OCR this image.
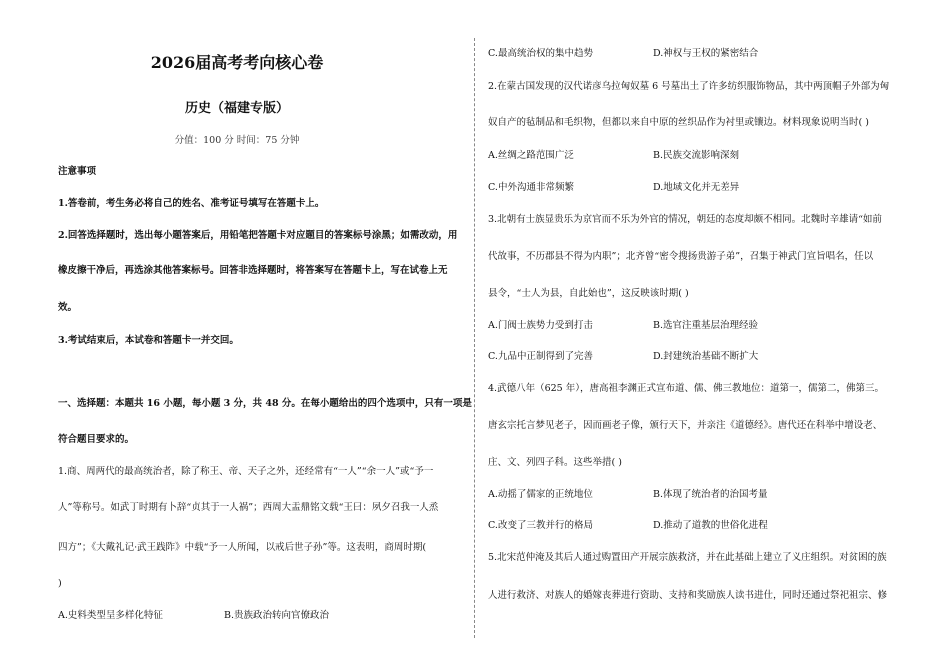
2026届高考考向核心卷
历史（福建专版）
分值：100 分 时间：75 分钟
注意事项
1.答卷前，考生务必将自己的姓名、准考证号填写在答题卡上。
2.回答选择题时，选出每小题答案后，用铅笔把答题卡对应题目的答案标号涂黑；如需改动，用
橡皮擦干净后，再选涂其他答案标号。回答非选择题时，将答案写在答题卡上，写在试卷上无
效。
3.考试结束后，本试卷和答题卡一并交回。
一、选择题：本题共 16 小题，每小题 3 分，共 48 分。在每小题给出的四个选项中，只有一项是
符合题目要求的。
1.商、周两代的最高统治者，除了称王、帝、天子之外，还经常有“一人”“余一人”或“予一
人”等称号。如武丁时期有卜辞“贞其于一人祸”；西周大盂鼎铭文载“王曰：夙夕召我一人烝
四方”；《大戴礼记·武王践阼》中载“予一人所闻，以戒后世子孙”等。这表明，商周时期(
)
A.史料类型呈多样化特征	B.贵族政治转向官僚政治
C.最高统治权的集中趋势	D.神权与王权的紧密结合
2.在蒙古国发现的汉代诺彦乌拉匈奴墓 6 号墓出土了许多纺织服饰物品，其中两顶帽子外部为匈
奴自产的毡制品和毛织物，但都以来自中原的丝织品作为衬里或镶边。材料现象说明当时( )
A.丝绸之路范围广泛	B.民族交流影响深刻
C.中外沟通非常频繁	D.地域文化并无差异
3.北朝有士族显贵乐为京官而不乐为外官的情况，朝廷的态度却颇不相同。北魏时辛雄请“如前
代故事，不历郡县不得为内职”；北齐曾“密令搜扬贵游子弟”，召集于神武门宣旨唱名，任以
县令，“士人为县，自此始也”，这反映该时期( )
A.门阀士族势力受到打击	B.选官注重基层治理经验
C.九品中正制得到了完善	D.封建统治基础不断扩大
4.武德八年（625 年），唐高祖李渊正式宣布道、儒、佛三教地位：道第一，儒第二，佛第三。
唐玄宗托言梦见老子，因而画老子像，颁行天下，并亲注《道德经》。唐代还在科举中增设老、
庄、文、列四子科。这些举措( )
A.动摇了儒家的正统地位	B.体现了统治者的治国考量
C.改变了三教并行的格局	D.推动了道教的世俗化进程
5.北宋范仲淹及其后人通过购置田产开展宗族救济，并在此基础上建立了义庄组织。对贫困的族
人进行救济、对族人的婚嫁丧葬进行资助、支持和奖励族人读书进仕，同时还通过祭祀祖宗、修
